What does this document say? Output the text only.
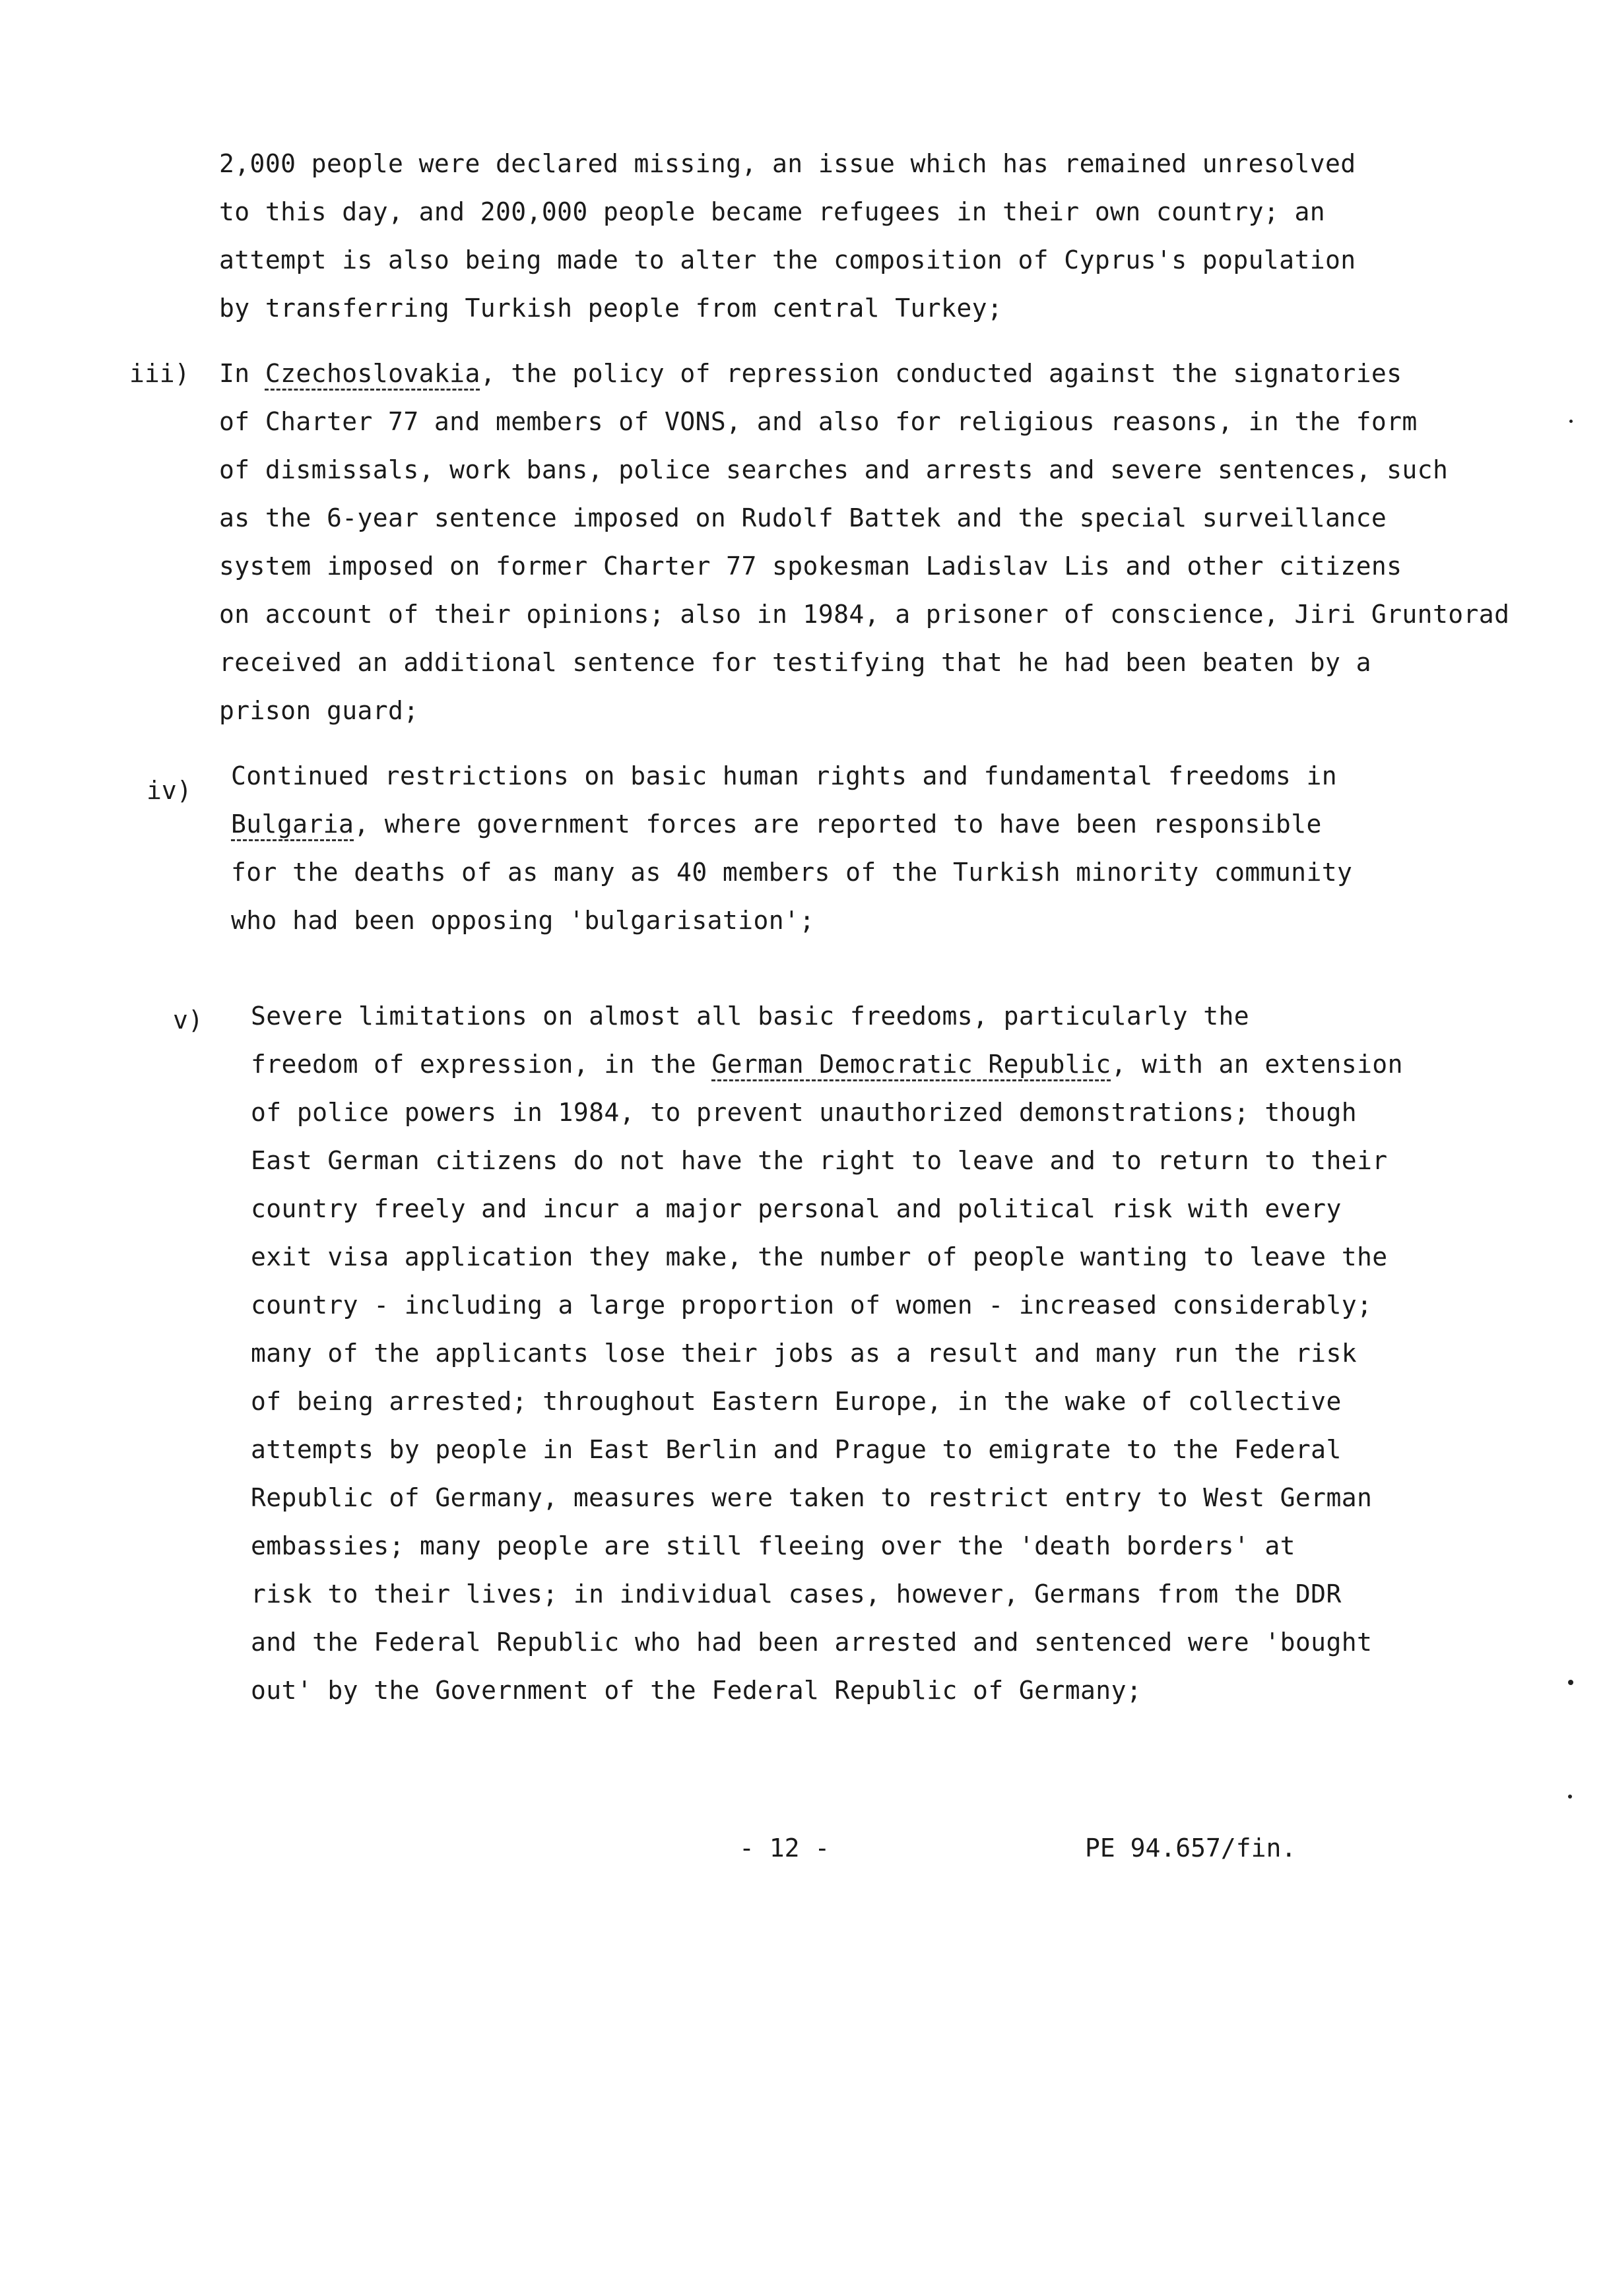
2,000 people were declared missing, an issue which has remained unresolved
to this day, and 200,000 people became refugees in their own country; an
attempt is also being made to alter the composition of Cyprus's population
by transferring Turkish people from central Turkey;
iii) In Czechoslovakia, the policy of repression conducted against the signatories
of Charter 77 and members of VONS, and also for religious reasons, in the form
of dismissals, work bans, police searches and arrests and severe sentences, such
as the 6-year sentence imposed on Rudolf Battek and the special surveillance
system imposed on former Charter 77 spokesman Ladislav Lis and other citizens
on account of their opinions; also in 1984, a prisoner of conscience, Jiri Gruntorad
received an additional sentence for testifying that he had been beaten by a
prison guard;
iv) Continued restrictions on basic human rights and fundamental freedoms in
Bulgaria, where government forces are reported to have been responsible
for the deaths of as many as 40 members of the Turkish minority community
who had been opposing 'bulgarisation';
v) Severe limitations on almost all basic freedoms, particularly the
freedom of expression, in the German Democratic Republic, with an extension
of police powers in 1984, to prevent unauthorized demonstrations; though
East German citizens do not have the right to leave and to return to their
country freely and incur a major personal and political risk with every
exit visa application they make, the number of people wanting to leave the
country - including a large proportion of women - increased considerably;
many of the applicants lose their jobs as a result and many run the risk
of being arrested; throughout Eastern Europe, in the wake of collective
attempts by people in East Berlin and Prague to emigrate to the Federal
Republic of Germany, measures were taken to restrict entry to West German
embassies; many people are still fleeing over the 'death borders' at
risk to their lives; in individual cases, however, Germans from the DDR
and the Federal Republic who had been arrested and sentenced were 'bought
out' by the Government of the Federal Republic of Germany;
- 12 -	PE 94.657/fin.
